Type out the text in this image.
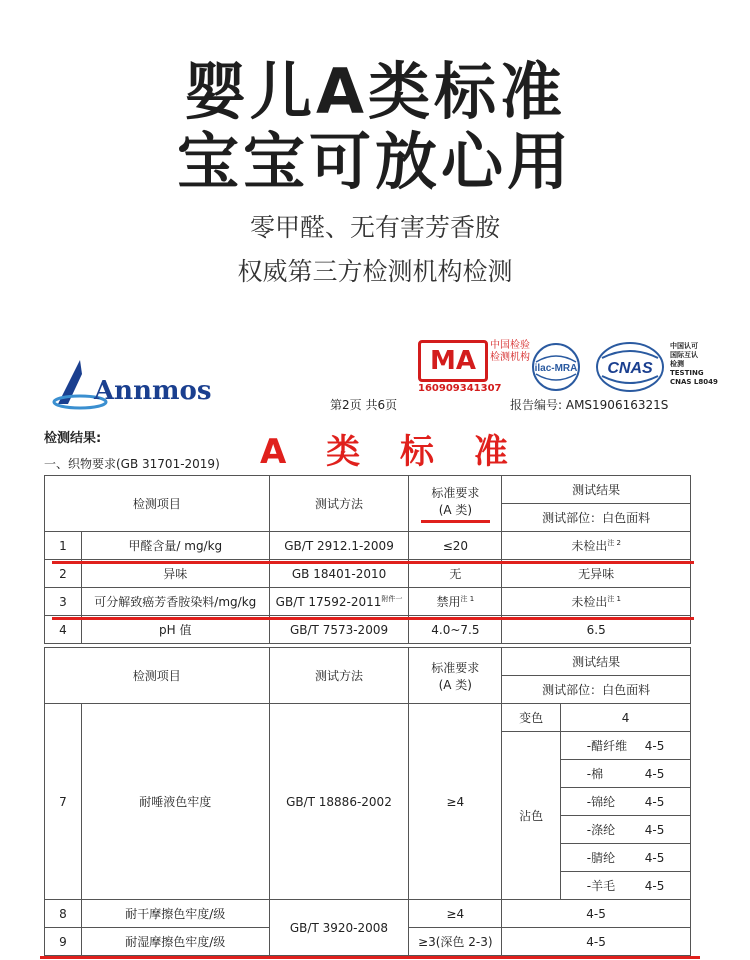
婴儿A类标准
宝宝可放心用
零甲醛、无有害芳香胺
权威第三方检测机构检测
Annmos
MA
中国检验检测机构
160909341307
ilac-MRA CNAS
中国认可
国际互认
检测
TESTING
CNAS L8049
第2页 共6页	报告编号: AMS190616321S
检测结果:
一、织物要求(GB 31701-2019) A 类 标 准
检测项目		测试方法	标准要求
(A 类)	测试结果
				测试部位：白色面料
1	甲醛含量/ mg/kg	GB/T 2912.1-2009	≤20	未检出$^{注 2}$
2	异味	GB 18401-2010	无	无异味
3	可分解致癌芳香胺染料/mg/kg	GB/T $17592-2011^{附件一}$	禁用$^{注 1}$	未检出$^{注 1}$
4	pH 值	GB/T 7573-2009	4.0~7.5	6.5
检测项目		测试方法	标准要求
(A 类)	测试结果	
				测试部位：白色面料	
7	耐唾液色牢度	GB/T 18886-2002	≥4	变色	4
				沾色	-醋纤维 4-5
					-棉 4-5
					-锦纶 4-5
					-涤纶 4-5
					-腈纶 4-5
					-羊毛 4-5
8	耐干摩擦色牢度/级	GB/T 3920-2008	≥4	4-5	
9	耐湿摩擦色牢度/级		≥3(深色 2-3)	4-5	
